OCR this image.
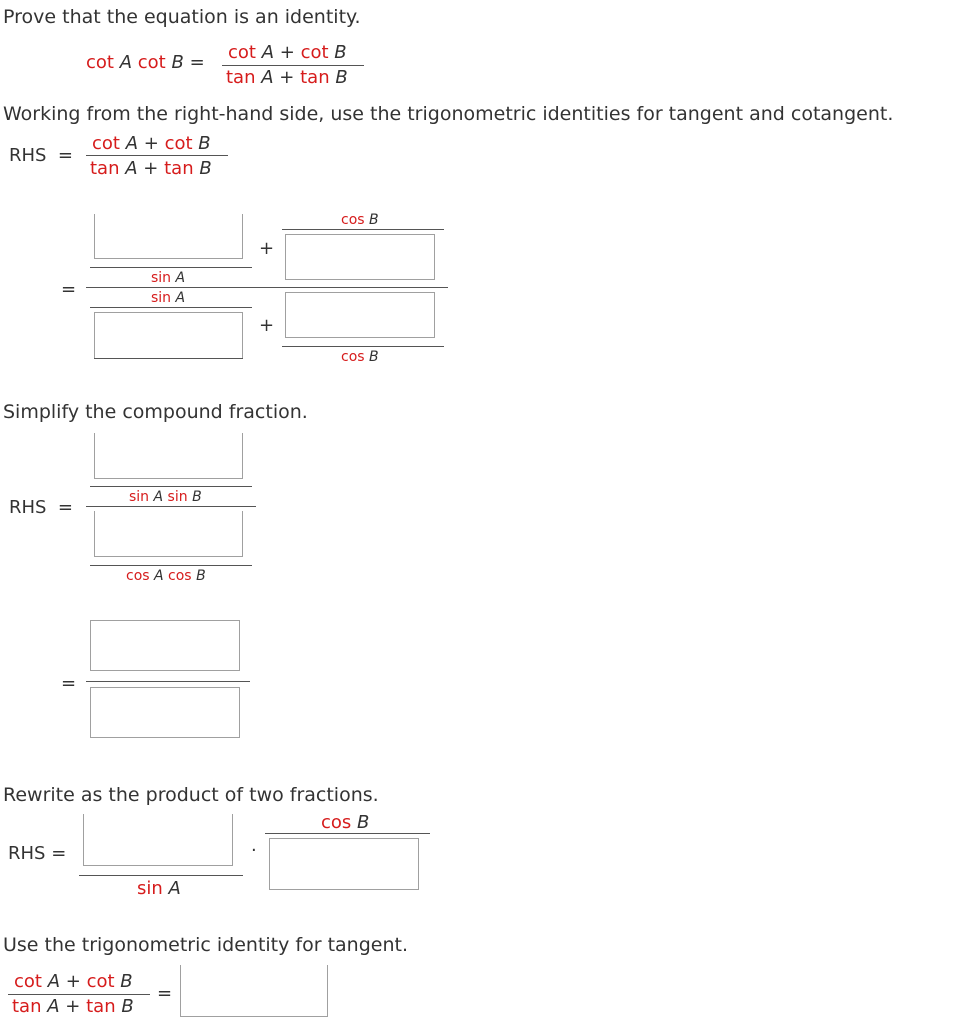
Prove that the equation is an identity.
cot A cot B = cot A + cot B
tan A + tan B
Working from the right-hand side, use the trigonometric identities for tangent and cotangent.
RHS =
cot A + cot B
tan A + tan B
sin A
+
cos B
=	sin A
+
cos B
Simplify the compound fraction.
sin A sin B
RHS =
cos A cos B
=
Rewrite as the product of two fractions.
RHS =
sin A
·
cos B
Use the trigonometric identity for tangent.
cot A + cot B
tan A + tan B
=
